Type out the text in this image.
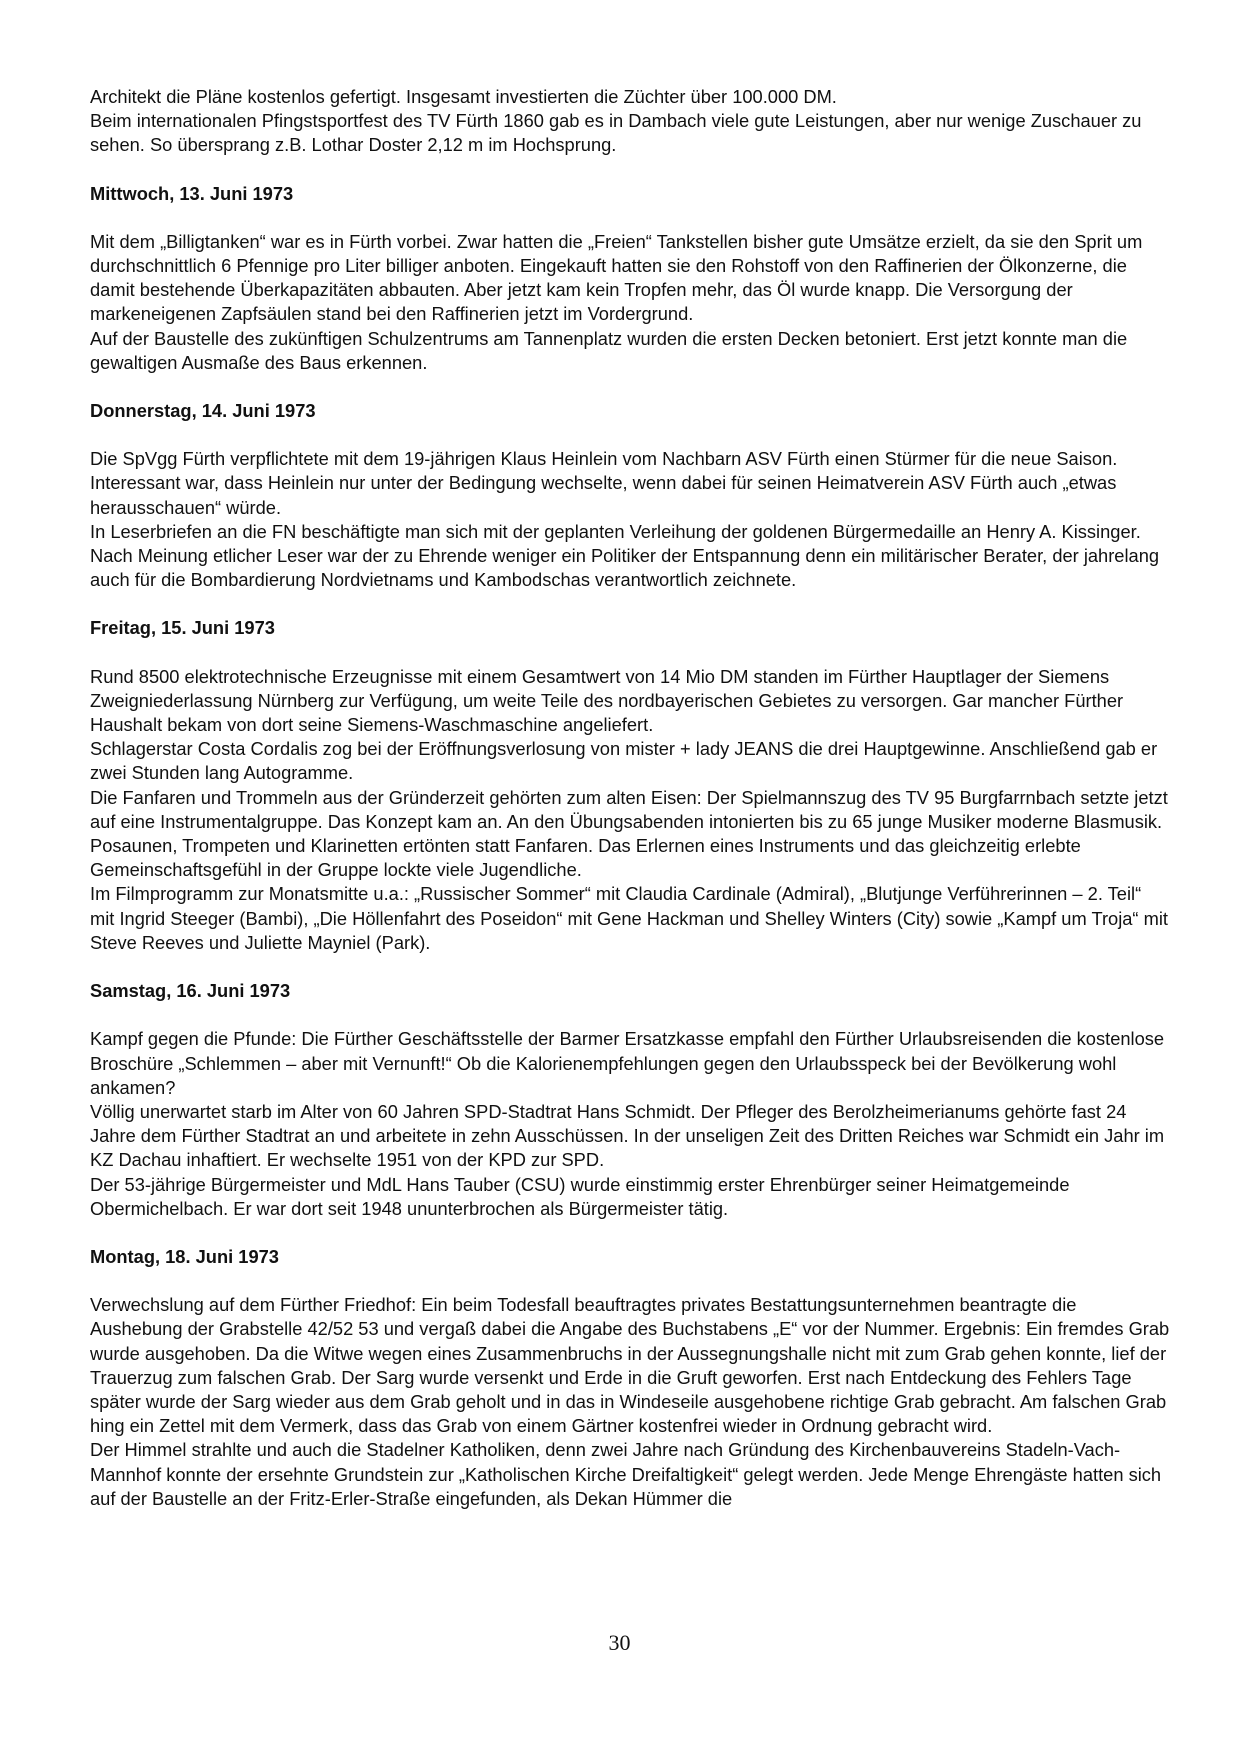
Architekt die Pläne kostenlos gefertigt. Insgesamt investierten die Züchter über 100.000 DM.

Beim internationalen Pfingstsportfest des TV Fürth 1860 gab es in Dambach viele gute Leistungen, aber nur wenige Zuschauer zu sehen. So übersprang z.B. Lothar Doster 2,12 m im Hochsprung.

Mittwoch, 13. Juni 1973

Mit dem „Billigtanken“ war es in Fürth vorbei. Zwar hatten die „Freien“ Tankstellen bisher gute Umsätze erzielt, da sie den Sprit um durchschnittlich 6 Pfennige pro Liter billiger anboten. Eingekauft hatten sie den Rohstoff von den Raffinerien der Ölkonzerne, die damit bestehende Überkapazitäten abbauten. Aber jetzt kam kein Tropfen mehr, das Öl wurde knapp. Die Versorgung der markeneigenen Zapfsäulen stand bei den Raffinerien jetzt im Vordergrund.

Auf der Baustelle des zukünftigen Schulzentrums am Tannenplatz wurden die ersten Decken betoniert. Erst jetzt konnte man die gewaltigen Ausmaße des Baus erkennen.

Donnerstag, 14. Juni 1973

Die SpVgg Fürth verpflichtete mit dem 19-jährigen Klaus Heinlein vom Nachbarn ASV Fürth einen Stürmer für die neue Saison. Interessant war, dass Heinlein nur unter der Bedingung wechselte, wenn dabei für seinen Heimatverein ASV Fürth auch „etwas herausschauen“ würde.

In Leserbriefen an die FN beschäftigte man sich mit der geplanten Verleihung der goldenen Bürgermedaille an Henry A. Kissinger. Nach Meinung etlicher Leser war der zu Ehrende weniger ein Politiker der Entspannung denn ein militärischer Berater, der jahrelang auch für die Bombardierung Nordvietnams und Kambodschas verantwortlich zeichnete.

Freitag, 15. Juni 1973

Rund 8500 elektrotechnische Erzeugnisse mit einem Gesamtwert von 14 Mio DM standen im Fürther Hauptlager der Siemens Zweigniederlassung Nürnberg zur Verfügung, um weite Teile des nordbayerischen Gebietes zu versorgen. Gar mancher Fürther Haushalt bekam von dort seine Siemens-Waschmaschine angeliefert.

Schlagerstar Costa Cordalis zog bei der Eröffnungsverlosung von mister + lady JEANS die drei Hauptgewinne. Anschließend gab er zwei Stunden lang Autogramme.

Die Fanfaren und Trommeln aus der Gründerzeit gehörten zum alten Eisen: Der Spielmannszug des TV 95 Burgfarrnbach setzte jetzt auf eine Instrumentalgruppe. Das Konzept kam an. An den Übungsabenden intonierten bis zu 65 junge Musiker moderne Blasmusik. Posaunen, Trompeten und Klarinetten ertönten statt Fanfaren. Das Erlernen eines Instruments und das gleichzeitig erlebte Gemeinschaftsgefühl in der Gruppe lockte viele Jugendliche.

Im Filmprogramm zur Monatsmitte u.a.: „Russischer Sommer“ mit Claudia Cardinale (Admiral), „Blutjunge Verführerinnen – 2. Teil“ mit Ingrid Steeger (Bambi), „Die Höllenfahrt des Poseidon“ mit Gene Hackman und Shelley Winters (City) sowie „Kampf um Troja“ mit Steve Reeves und Juliette Mayniel (Park).

Samstag, 16. Juni 1973

Kampf gegen die Pfunde: Die Fürther Geschäftsstelle der Barmer Ersatzkasse empfahl den Fürther Urlaubsreisenden die kostenlose Broschüre „Schlemmen – aber mit Vernunft!“ Ob die Kalorienempfehlungen gegen den Urlaubsspeck bei der Bevölkerung wohl ankamen?

Völlig unerwartet starb im Alter von 60 Jahren SPD-Stadtrat Hans Schmidt. Der Pfleger des Berolzheimerianums gehörte fast 24 Jahre dem Fürther Stadtrat an und arbeitete in zehn Ausschüssen. In der unseligen Zeit des Dritten Reiches war Schmidt ein Jahr im KZ Dachau inhaftiert. Er wechselte 1951 von der KPD zur SPD.

Der 53-jährige Bürgermeister und MdL Hans Tauber (CSU) wurde einstimmig erster Ehrenbürger seiner Heimatgemeinde Obermichelbach. Er war dort seit 1948 ununterbrochen als Bürgermeister tätig.

Montag, 18. Juni 1973

Verwechslung auf dem Fürther Friedhof: Ein beim Todesfall beauftragtes privates Bestattungsunternehmen beantragte die Aushebung der Grabstelle 42/52 53 und vergaß dabei die Angabe des Buchstabens „E“ vor der Nummer. Ergebnis: Ein fremdes Grab wurde ausgehoben. Da die Witwe wegen eines Zusammenbruchs in der Aussegnungshalle nicht mit zum Grab gehen konnte, lief der Trauerzug zum falschen Grab. Der Sarg wurde versenkt und Erde in die Gruft geworfen. Erst nach Entdeckung des Fehlers Tage später wurde der Sarg wieder aus dem Grab geholt und in das in Windeseile ausgehobene richtige Grab gebracht. Am falschen Grab hing ein Zettel mit dem Vermerk, dass das Grab von einem Gärtner kostenfrei wieder in Ordnung gebracht wird.

Der Himmel strahlte und auch die Stadelner Katholiken, denn zwei Jahre nach Gründung des Kirchenbauvereins Stadeln-Vach-Mannhof konnte der ersehnte Grundstein zur „Katholischen Kirche Dreifaltigkeit“ gelegt werden. Jede Menge Ehrengäste hatten sich auf der Baustelle an der Fritz-Erler-Straße eingefunden, als Dekan Hümmer die

30
